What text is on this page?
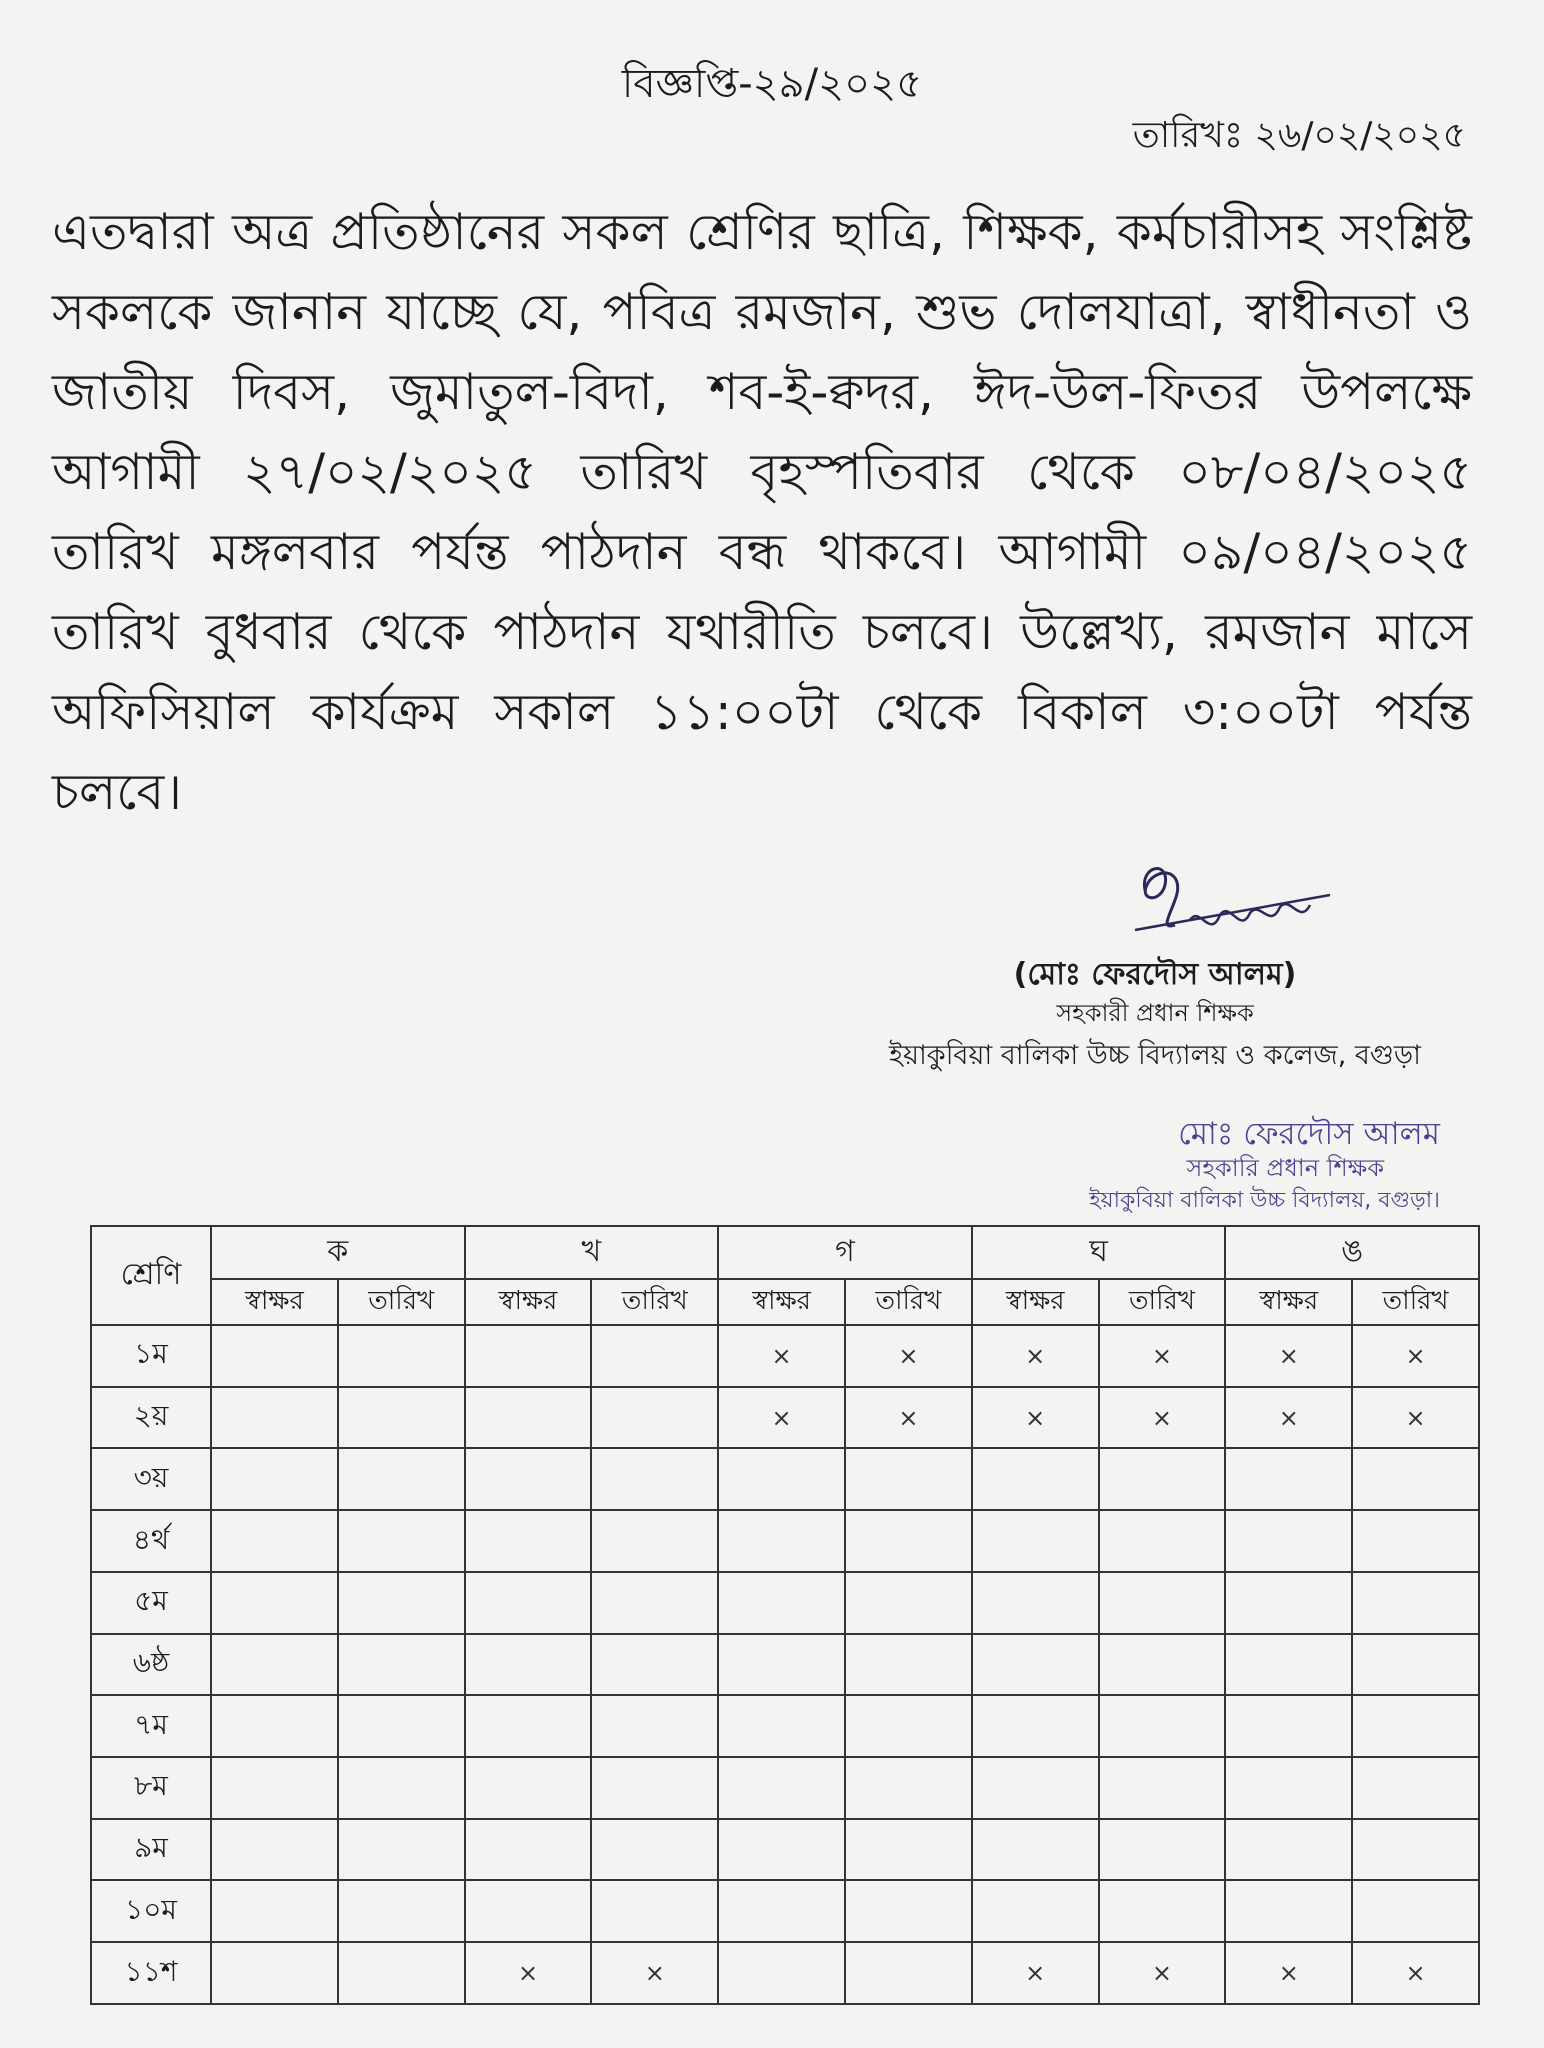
বিজ্ঞপ্তি-২৯/২০২৫
তারিখঃ ২৬/০২/২০২৫
এতদ্বারা অত্র প্রতিষ্ঠানের সকল শ্রেণির ছাত্রি, শিক্ষক, কর্মচারীসহ সংশ্লিষ্ট সকলকে জানান যাচ্ছে যে, পবিত্র রমজান, শুভ দোলযাত্রা, স্বাধীনতা ও জাতীয় দিবস, জুমাতুল-বিদা, শব-ই-ক্বদর, ঈদ-উল-ফিতর উপলক্ষে আগামী ২৭/০২/২০২৫ তারিখ বৃহস্পতিবার থেকে ০৮/০৪/২০২৫ তারিখ মঙ্গলবার পর্যন্ত পাঠদান বন্ধ থাকবে। আগামী ০৯/০৪/২০২৫ তারিখ বুধবার থেকে পাঠদান যথারীতি চলবে। উল্লেখ্য, রমজান মাসে অফিসিয়াল কার্যক্রম সকাল ১১:০০টা থেকে বিকাল ৩:০০টা পর্যন্ত চলবে।
(মোঃ ফেরদৌস আলম)
সহকারী প্রধান শিক্ষক
ইয়াকুবিয়া বালিকা উচ্চ বিদ্যালয় ও কলেজ, বগুড়া
মোঃ ফেরদৌস আলম
সহকারি প্রধান শিক্ষক
ইয়াকুবিয়া বালিকা উচ্চ বিদ্যালয়, বগুড়া।
শ্রেণি	ক		খ		গ		ঘ		ঙ	
	স্বাক্ষর	তারিখ	স্বাক্ষর	তারিখ	স্বাক্ষর	তারিখ	স্বাক্ষর	তারিখ	স্বাক্ষর	তারিখ
১ম					×	×	×	×	×	×
২য়					×	×	×	×	×	×
৩য়										
৪র্থ										
৫ম										
৬ষ্ঠ										
৭ম										
৮ম										
৯ম										
১০ম										
১১শ			×	×			×	×	×	×
